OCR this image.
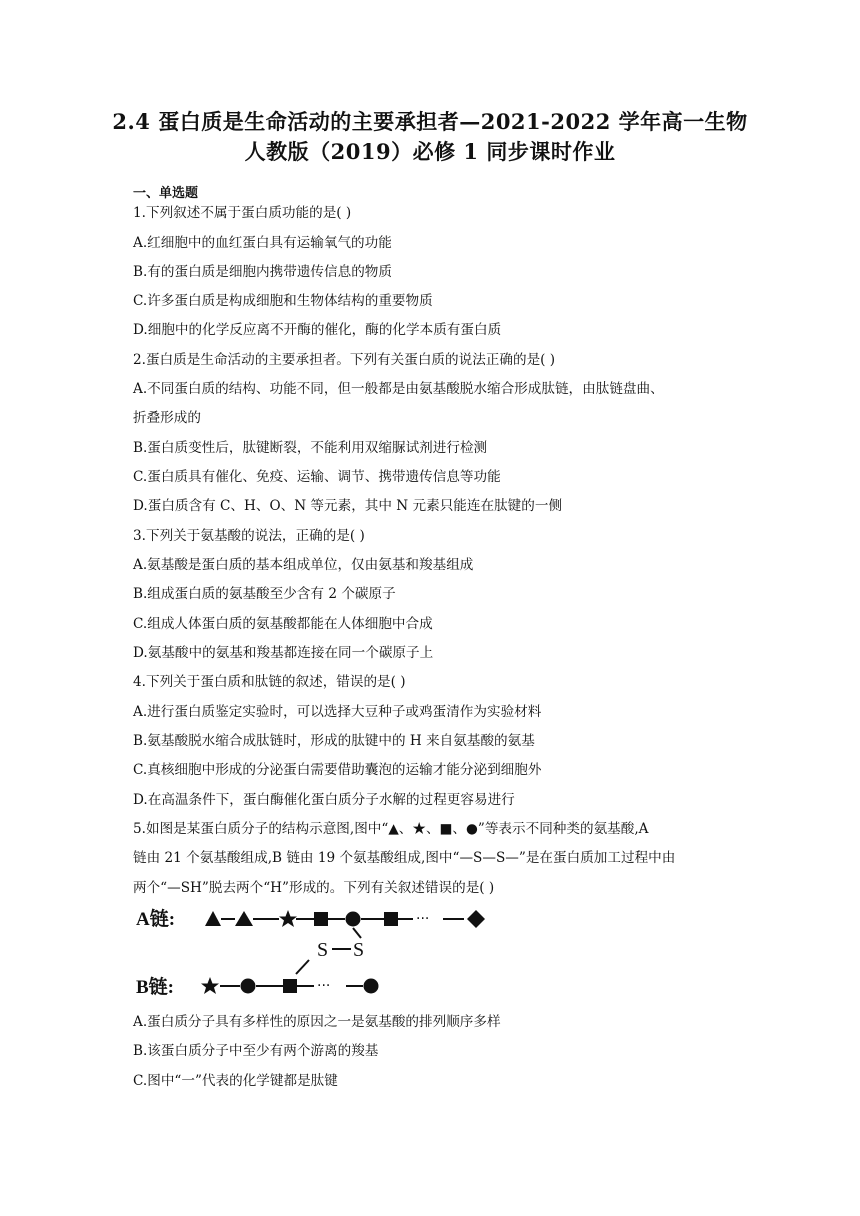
2.4 蛋白质是生命活动的主要承担者—2021-2022 学年高一生物
人教版（2019）必修 1 同步课时作业
一、单选题
1.下列叙述不属于蛋白质功能的是( )
A.红细胞中的血红蛋白具有运输氧气的功能
B.有的蛋白质是细胞内携带遗传信息的物质
C.许多蛋白质是构成细胞和生物体结构的重要物质
D.细胞中的化学反应离不开酶的催化，酶的化学本质有蛋白质
2.蛋白质是生命活动的主要承担者。下列有关蛋白质的说法正确的是( )
A.不同蛋白质的结构、功能不同，但一般都是由氨基酸脱水缩合形成肽链，由肽链盘曲、
折叠形成的
B.蛋白质变性后，肽键断裂，不能利用双缩脲试剂进行检测
C.蛋白质具有催化、免疫、运输、调节、携带遗传信息等功能
D.蛋白质含有 C、H、O、N 等元素，其中 N 元素只能连在肽键的一侧
3.下列关于氨基酸的说法，正确的是( )
A.氨基酸是蛋白质的基本组成单位，仅由氨基和羧基组成
B.组成蛋白质的氨基酸至少含有 2 个碳原子
C.组成人体蛋白质的氨基酸都能在人体细胞中合成
D.氨基酸中的氨基和羧基都连接在同一个碳原子上
4.下列关于蛋白质和肽链的叙述，错误的是( )
A.进行蛋白质鉴定实验时，可以选择大豆种子或鸡蛋清作为实验材料
B.氨基酸脱水缩合成肽链时，形成的肽键中的 H 来自氨基酸的氨基
C.真核细胞中形成的分泌蛋白需要借助囊泡的运输才能分泌到细胞外
D.在高温条件下，蛋白酶催化蛋白质分子水解的过程更容易进行
5.如图是某蛋白质分子的结构示意图,图中“▲、★、■、●”等表示不同种类的氨基酸,A
链由 21 个氨基酸组成,B 链由 19 个氨基酸组成,图中“—S—S—”是在蛋白质加工过程中由
两个“—SH”脱去两个“H”形成的。下列有关叙述错误的是( )
A链:	···
S S
B链:	···
A.蛋白质分子具有多样性的原因之一是氨基酸的排列顺序多样
B.该蛋白质分子中至少有两个游离的羧基
C.图中“一”代表的化学键都是肽键
